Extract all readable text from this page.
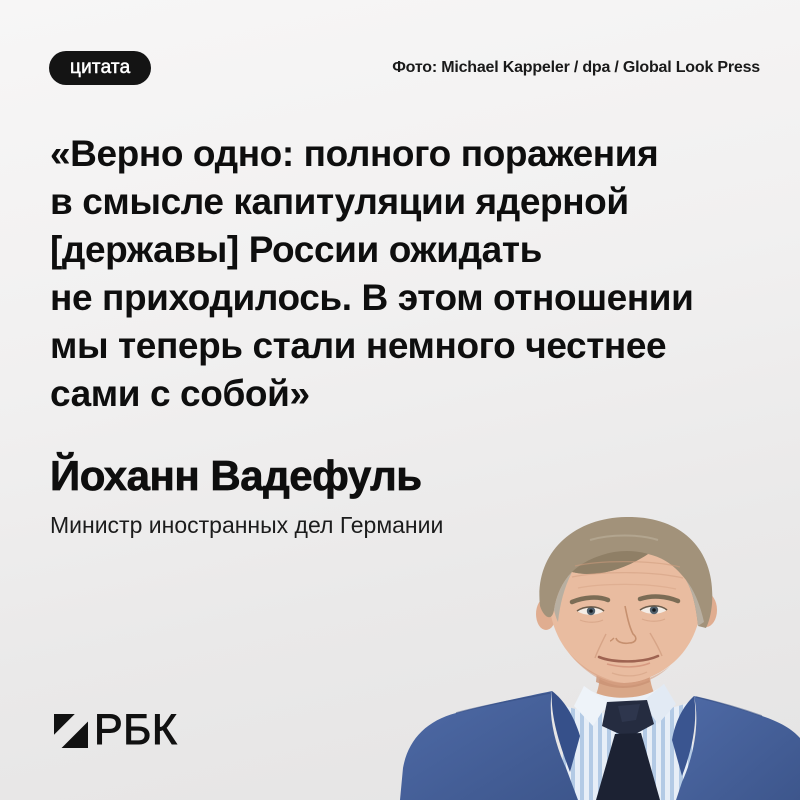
цитата	Фото: Michael Kappeler / dpa / Global Look Press
«Верно одно: полного поражения
в смысле капитуляции ядерной
[державы] России ожидать
не приходилось. В этом отношении
мы теперь стали немного честнее
сами с собой»
Йоханн Вадефуль
Министр иностранных дел Германии
РБК
